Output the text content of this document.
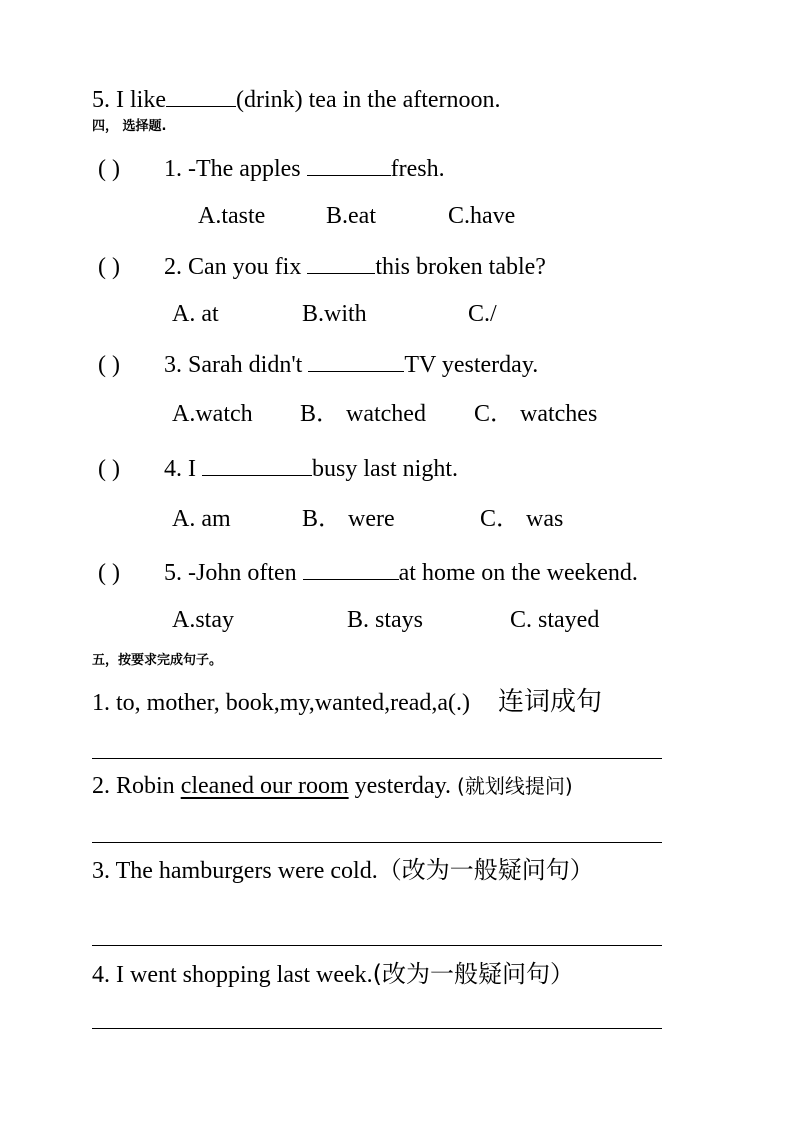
5. I like	(drink) tea in the afternoon.
四， 选择题.
( ) 1. -The apples	fresh.
A.taste	B.eat	C.have
( ) 2. Can you fix	this broken table?
A. at	B.with	C./
( ) 3. Sarah didn't	TV yesterday.
A.watch B． watched C． watches
( ) 4. I	busy last night.
A. am	B． were	C． was
( ) 5. -John often	at home on the weekend.
A.stay	B. stays	C. stayed
五，按要求完成句子。
1. to, mother, book,my,wanted,read,a(.) 连词成句
2. Robin cleaned our room yesterday. (就划线提问)
3. The hamburgers were cold.（改为一般疑问句）
4. I went shopping last week.(改为一般疑问句）
